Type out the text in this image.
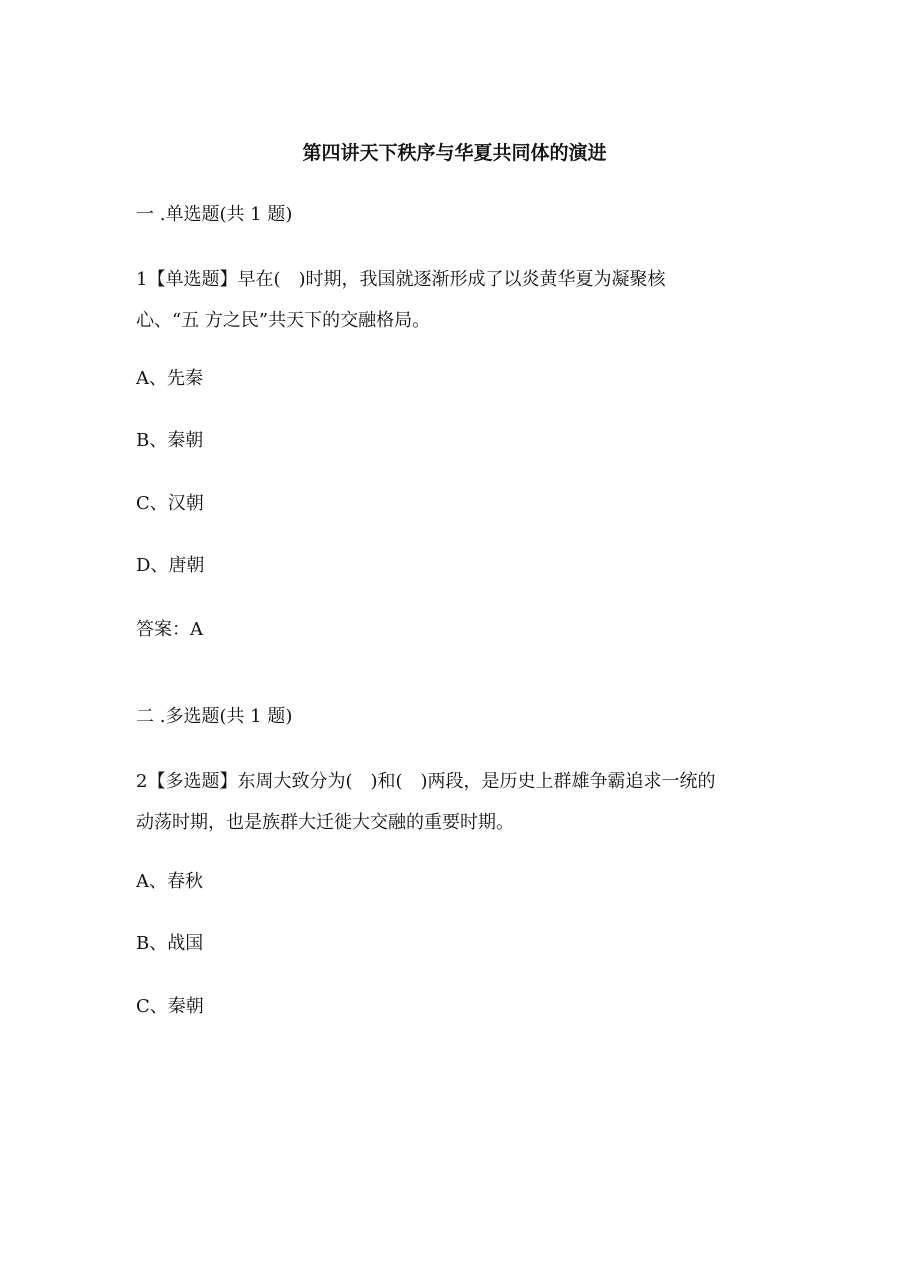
第四讲天下秩序与华夏共同体的演进
一 .单选题(共 1 题)
1【单选题】早在(　)时期，我国就逐渐形成了以炎黄华夏为凝聚核
心、“五 方之民”共天下的交融格局。
A、先秦
B、秦朝
C、汉朝
D、唐朝
答案：A
二 .多选题(共 1 题)
2【多选题】东周大致分为(　)和(　)两段，是历史上群雄争霸追求一统的
动荡时期，也是族群大迁徙大交融的重要时期。
A、春秋
B、战国
C、秦朝
